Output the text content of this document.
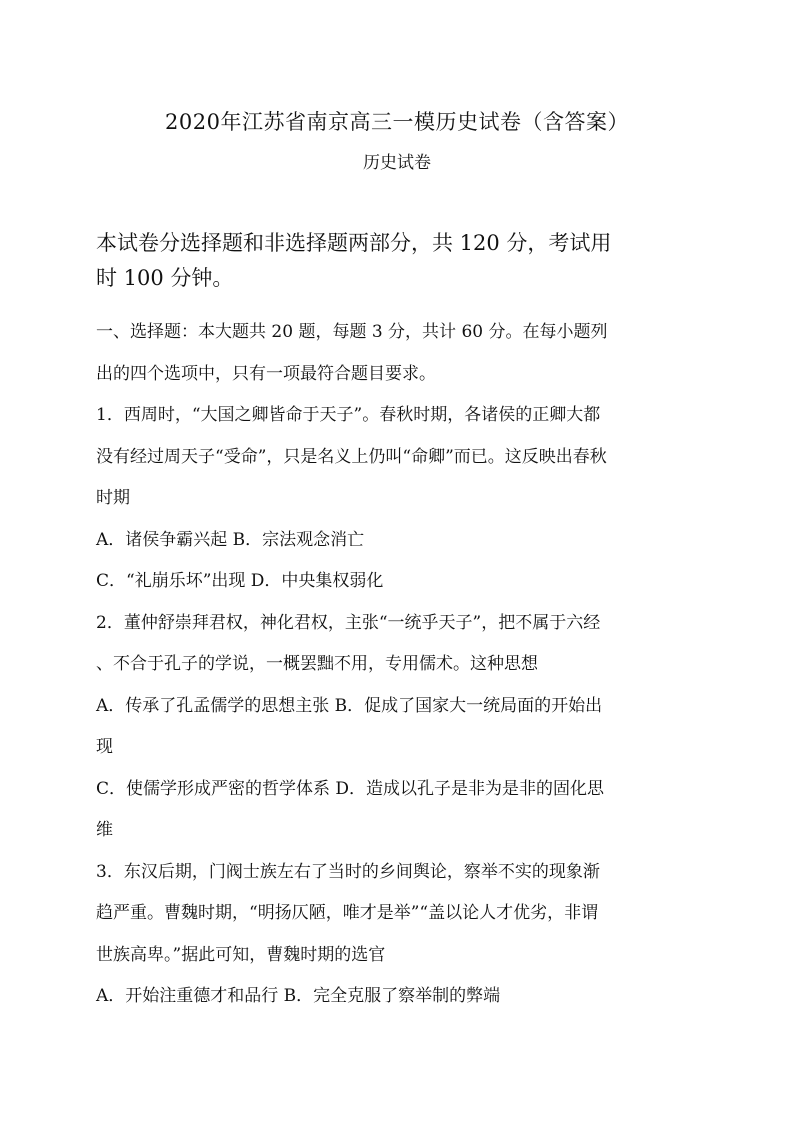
2020年江苏省南京高三一模历史试卷（含答案）
历史试卷
本试卷分选择题和非选择题两部分，共 120 分，考试用
时 100 分钟。

一、选择题：本大题共 20 题，每题 3 分，共计 60 分。在每小题列

出的四个选项中，只有一项最符合题目要求。

1．西周时，“大国之卿皆命于天子”。春秋时期，各诸侯的正卿大都

没有经过周天子“受命”，只是名义上仍叫“命卿”而已。这反映出春秋

时期

A．诸侯争霸兴起 B．宗法观念消亡

C．“礼崩乐坏”出现 D．中央集权弱化

2．董仲舒崇拜君权，神化君权，主张“一统乎天子”，把不属于六经

、不合于孔子的学说，一概罢黜不用，专用儒术。这种思想

A．传承了孔孟儒学的思想主张 B．促成了国家大一统局面的开始出

现

C．使儒学形成严密的哲学体系 D．造成以孔子是非为是非的固化思

维

3．东汉后期，门阀士族左右了当时的乡间舆论，察举不实的现象渐

趋严重。曹魏时期，“明扬仄陋，唯才是举”“盖以论人才优劣，非谓

世族高卑。”据此可知，曹魏时期的选官

A．开始注重德才和品行 B．完全克服了察举制的弊端
